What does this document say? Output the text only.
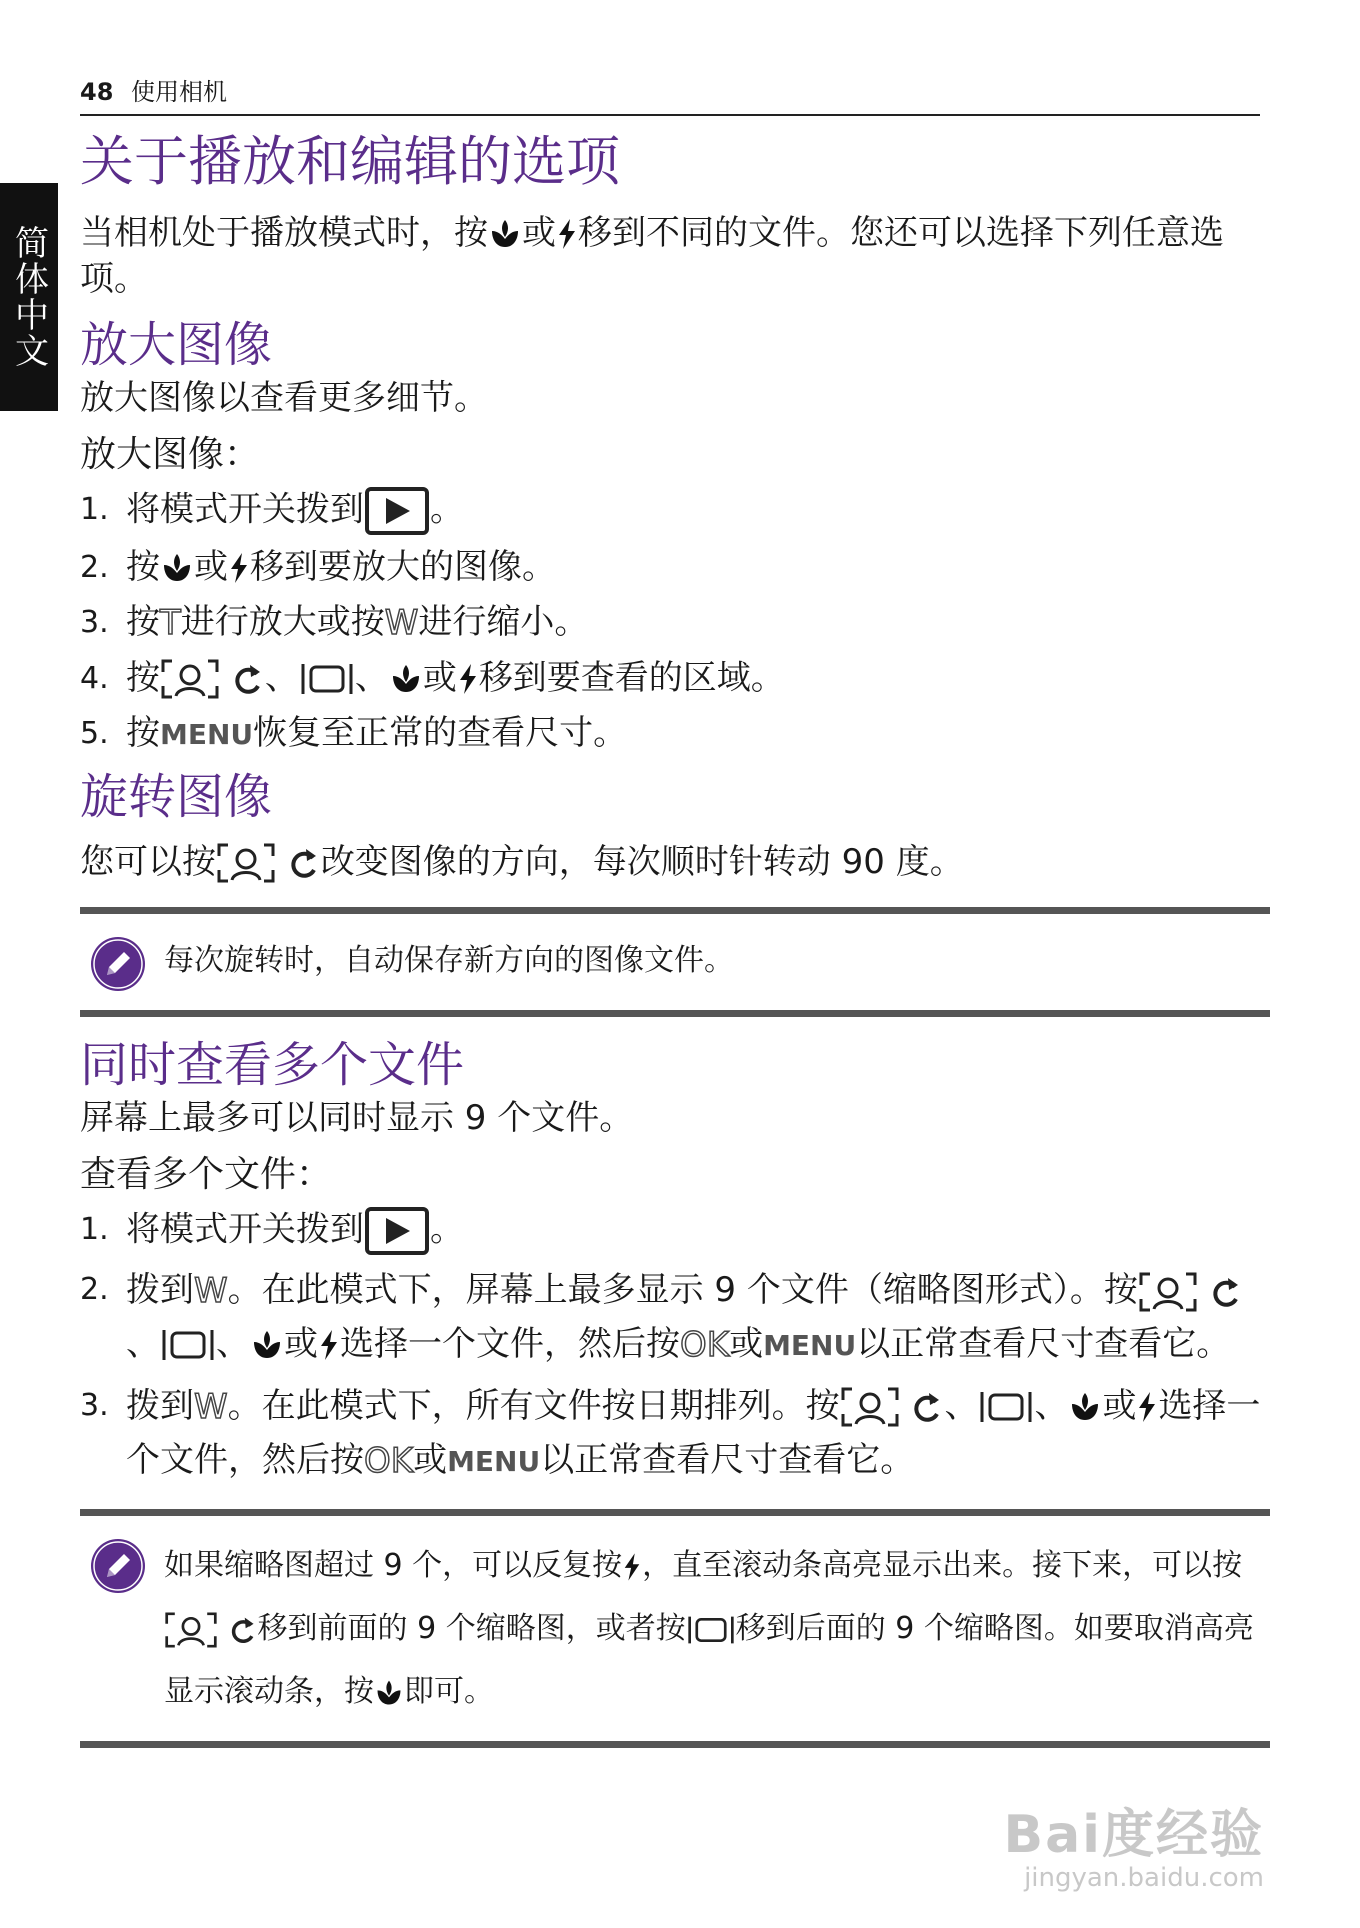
简体中文
48 使用相机
关于播放和编辑的选项

当相机处于播放模式时，按 或 移到不同的文件。您还可以选择下列任意选项。

放大图像

放大图像以查看更多细节。

放大图像：

1. 将模式开关拨到 。
2. 按 或 移到要放大的图像。
3. 按T进行放大或按W进行缩小。
4. 按
	、 、 或 移到要查看的区域。
5. 按MENU恢复至正常的查看尺寸。
旋转图像

您可以按
	改变图像的方向，每次顺时针转动 90 度。

每次旋转时，自动保存新方向的图像文件。
同时查看多个文件

屏幕上最多可以同时显示 9 个文件。

查看多个文件：

1. 将模式开关拨到 。
2. 拨到W。在此模式下，屏幕上最多显示 9 个文件（缩略图形式）。按

、 、 或 选择一个文件，然后按OK或MENU以正常查看尺寸查看它。
3. 拨到W。在此模式下，所有文件按日期排列。按
	、 、 或 选择一个文件，然后按OK或MENU以正常查看尺寸查看它。
如果缩略图超过 9 个，可以反复按 ，直至滚动条高亮显示出来。接下来，可以按

移到前面的 9 个缩略图，或者按 移到后面的 9 个缩略图。如要取消高亮显示滚动条，按 即可。
Bai度经验
jingyan.baidu.com
